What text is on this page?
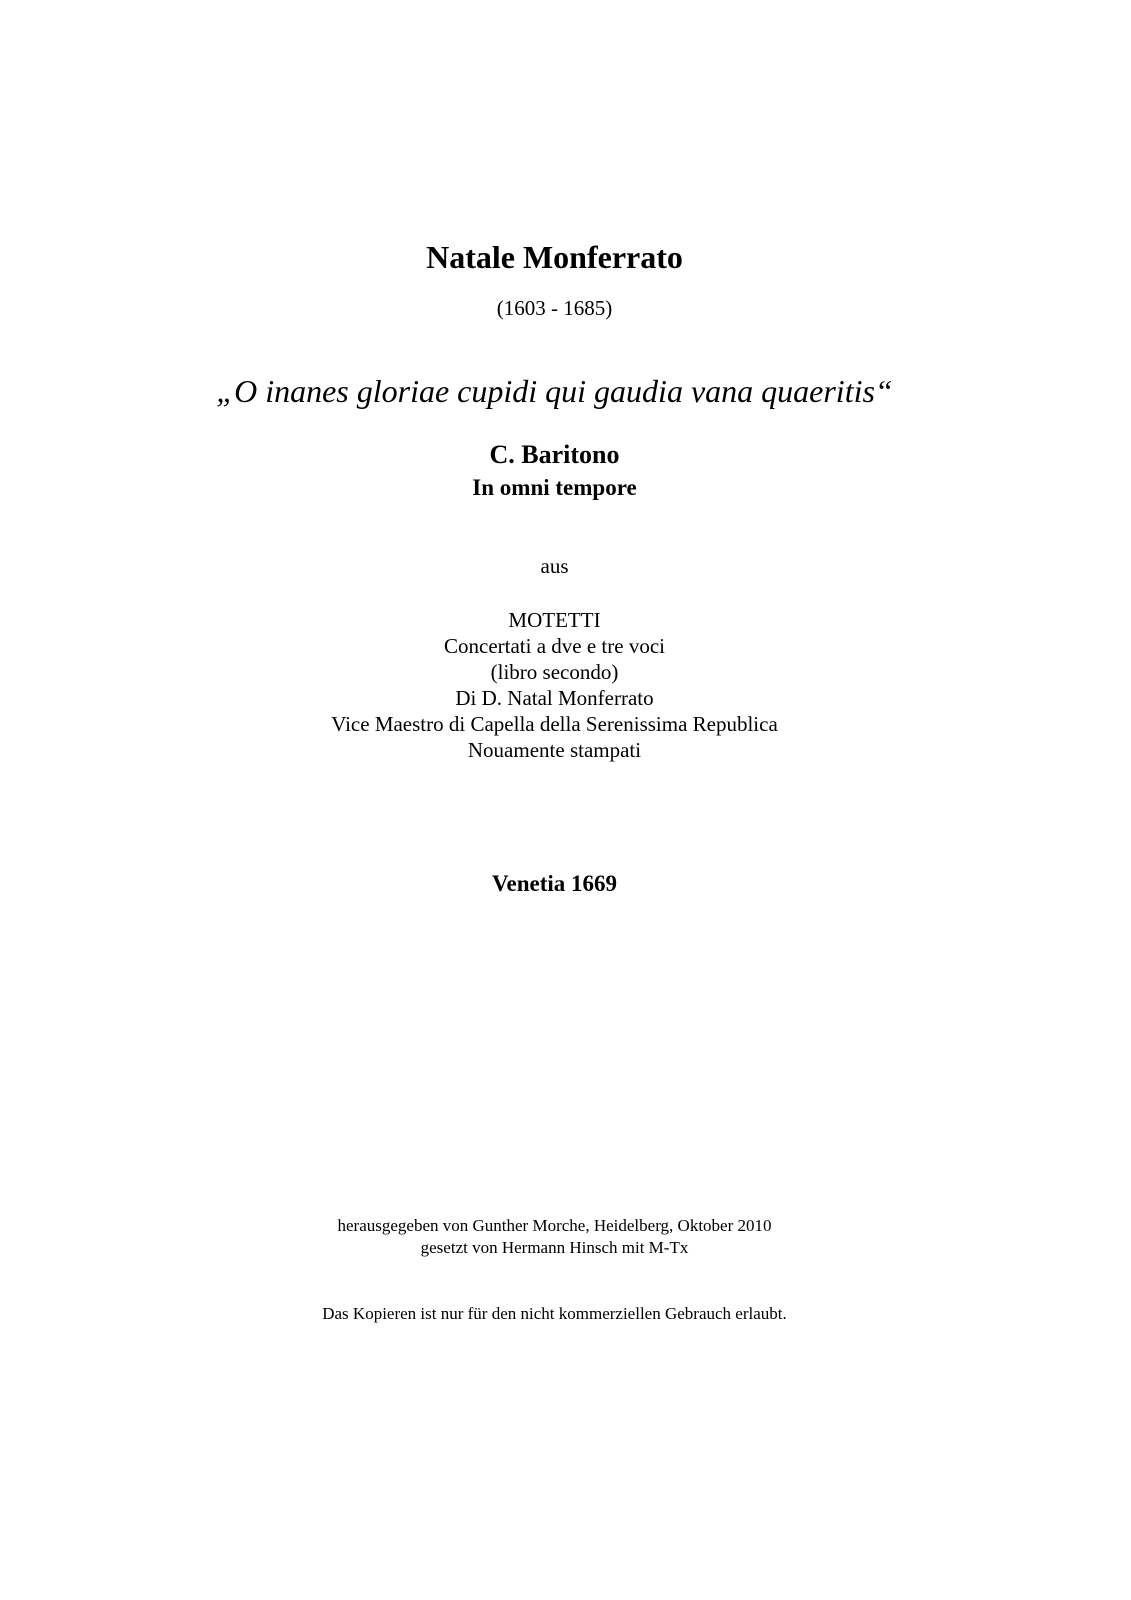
Natale Monferrato
(1603 - 1685)
„O inanes gloriae cupidi qui gaudia vana quaeritis“
C. Baritono
In omni tempore
aus
MOTETTI
Concertati a dve e tre voci
(libro secondo)
Di D. Natal Monferrato
Vice Maestro di Capella della Serenissima Republica
Nouamente stampati
Venetia 1669
herausgegeben von Gunther Morche, Heidelberg, Oktober 2010
gesetzt von Hermann Hinsch mit M-Tx
Das Kopieren ist nur für den nicht kommerziellen Gebrauch erlaubt.
